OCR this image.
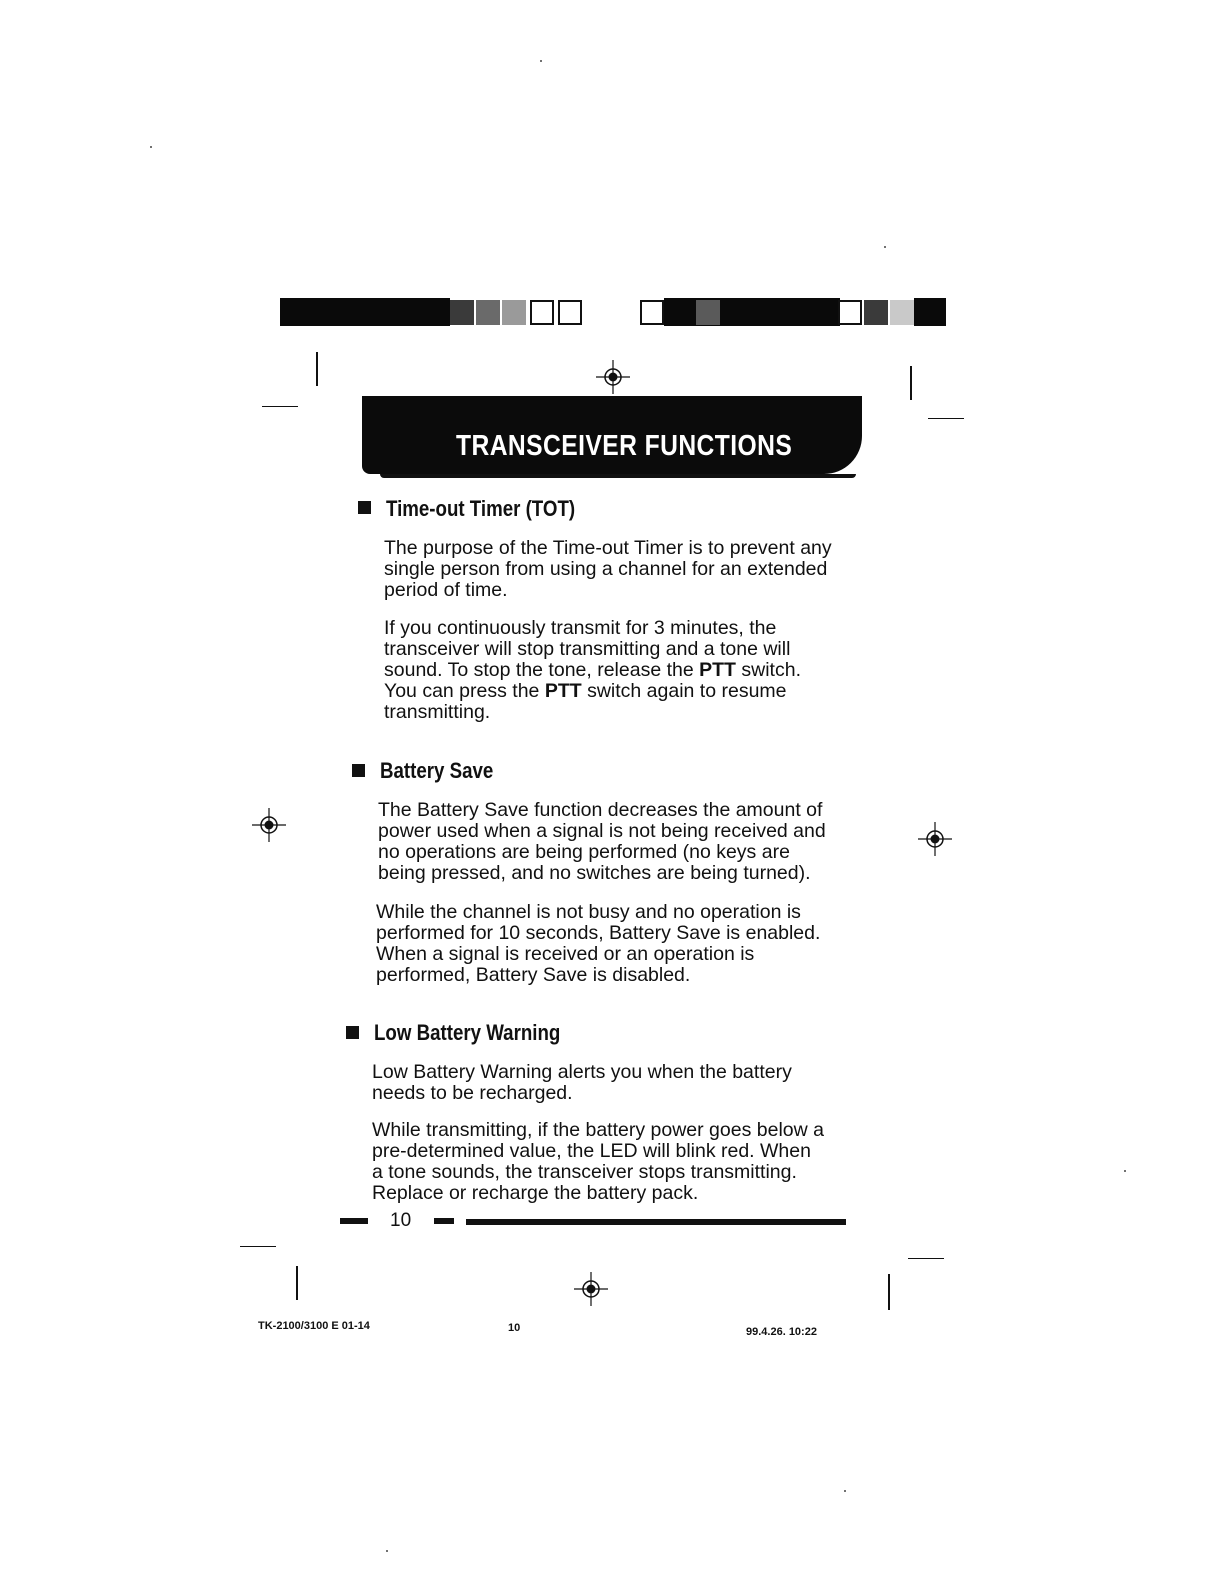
TRANSCEIVER FUNCTIONS
Time-out Timer (TOT)
The purpose of the Time-out Timer is to prevent any
single person from using a channel for an extended
period of time.
If you continuously transmit for 3 minutes, the
transceiver will stop transmitting and a tone will
sound. To stop the tone, release the PTT switch.
You can press the PTT switch again to resume
transmitting.
Battery Save
The Battery Save function decreases the amount of
power used when a signal is not being received and
no operations are being performed (no keys are
being pressed, and no switches are being turned).
While the channel is not busy and no operation is
performed for 10 seconds, Battery Save is enabled.
When a signal is received or an operation is
performed, Battery Save is disabled.
Low Battery Warning
Low Battery Warning alerts you when the battery
needs to be recharged.
While transmitting, if the battery power goes below a
pre-determined value, the LED will blink red. When
a tone sounds, the transceiver stops transmitting.
Replace or recharge the battery pack.
10
TK-2100/3100 E 01-14	10	99.4.26. 10:22
